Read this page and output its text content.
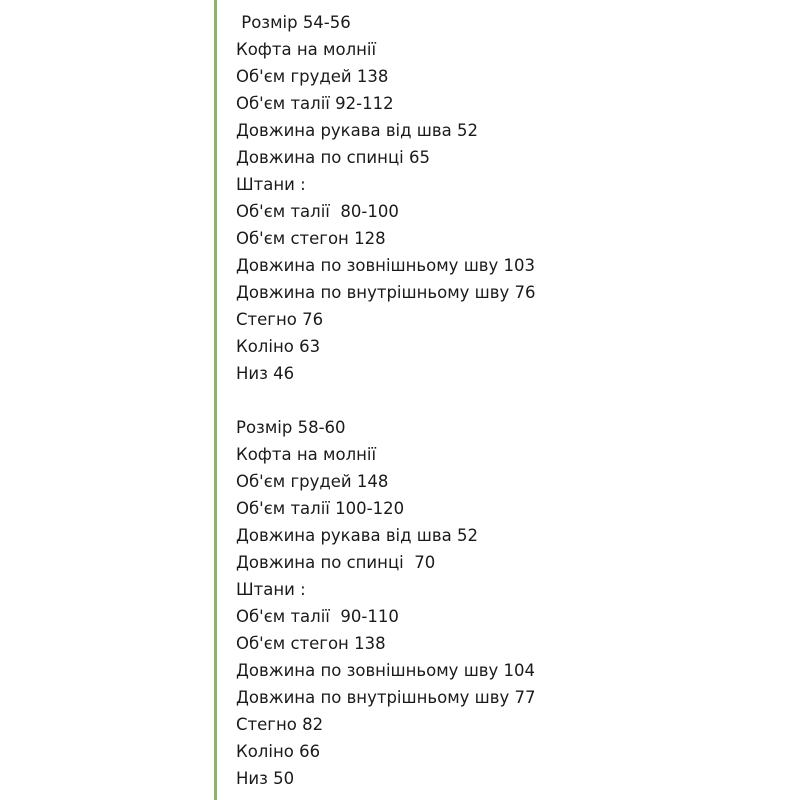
Розмір 54-56
Кофта на молнії
Об'єм грудей 138
Об'єм талії 92-112
Довжина рукава від шва 52
Довжина по спинці 65
Штани :
Об'єм талії  80-100
Об'єм стегон 128
Довжина по зовнішньому шву 103
Довжина по внутрішньому шву 76
Стегно 76
Коліно 63
Низ 46
Розмір 58-60
Кофта на молнії
Об'єм грудей 148
Об'єм талії 100-120
Довжина рукава від шва 52
Довжина по спинці  70
Штани :
Об'єм талії  90-110
Об'єм стегон 138
Довжина по зовнішньому шву 104
Довжина по внутрішньому шву 77
Стегно 82
Коліно 66
Низ 50
